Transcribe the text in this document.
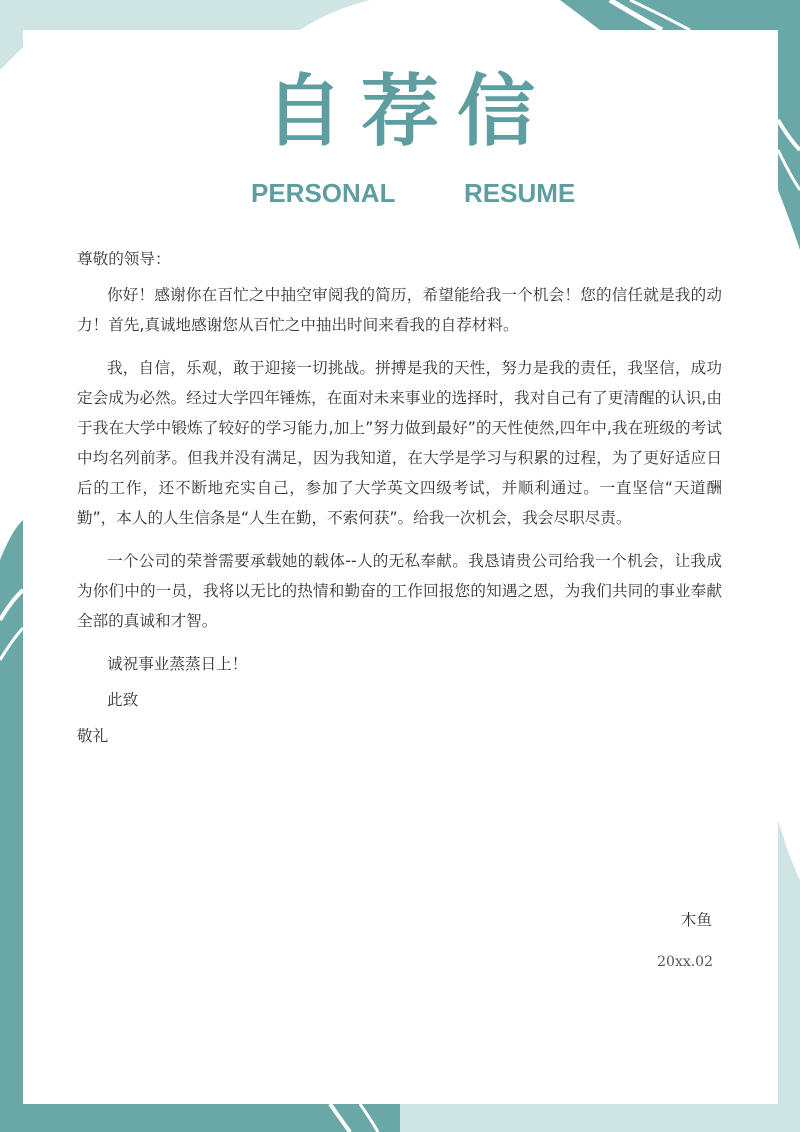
自荐信
PERSONAL	RESUME

尊敬的领导：

你好！感谢你在百忙之中抽空审阅我的简历，希望能给我一个机会！您的信任就是我的动力！首先,真诚地感谢您从百忙之中抽出时间来看我的自荐材料。

我，自信，乐观，敢于迎接一切挑战。拼搏是我的天性，努力是我的责任，我坚信，成功定会成为必然。经过大学四年锤炼，在面对未来事业的选择时，我对自己有了更清醒的认识,由于我在大学中锻炼了较好的学习能力,加上”努力做到最好”的天性使然,四年中,我在班级的考试中均名列前茅。但我并没有满足，因为我知道，在大学是学习与积累的过程，为了更好适应日后的工作，还不断地充实自己，参加了大学英文四级考试，并顺利通过。一直坚信“天道酬勤”，本人的人生信条是“人生在勤，不索何获”。给我一次机会，我会尽职尽责。

一个公司的荣誉需要承载她的载体--人的无私奉献。我恳请贵公司给我一个机会，让我成为你们中的一员，我将以无比的热情和勤奋的工作回报您的知遇之恩，为我们共同的事业奉献全部的真诚和才智。

诚祝事业蒸蒸日上！

此致

敬礼

木鱼
20xx.02
